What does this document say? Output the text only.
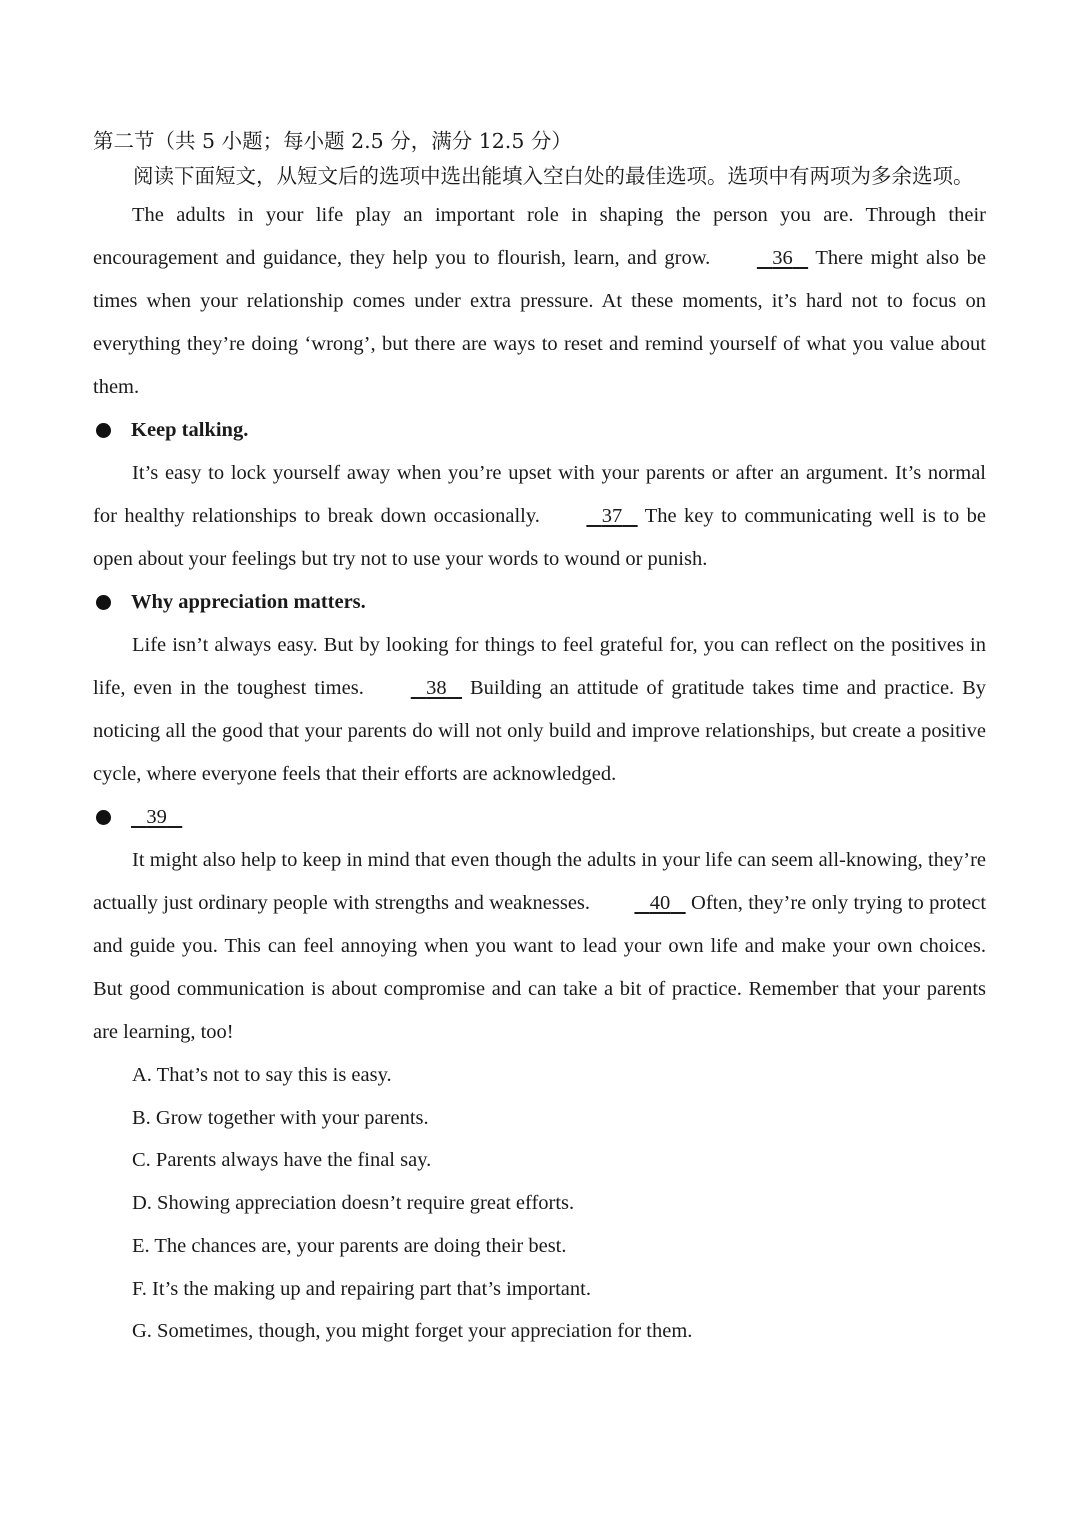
第二节（共 5 小题；每小题 2.5 分，满分 12.5 分）

阅读下面短文，从短文后的选项中选出能填入空白处的最佳选项。选项中有两项为多余选项。

The adults in your life play an important role in shaping the person you are. Through their encouragement and guidance, they help you to flourish, learn, and grow.	36 There might also be times when your relationship comes under extra pressure. At these moments, it’s hard not to focus on everything they’re doing ‘wrong’, but there are ways to reset and remind yourself of what you value about them.

Keep talking.

It’s easy to lock yourself away when you’re upset with your parents or after an argument. It’s normal for healthy relationships to break down occasionally.	37 The key to communicating well is to be open about your feelings but try not to use your words to wound or punish.

Why appreciation matters.

Life isn’t always easy. But by looking for things to feel grateful for, you can reflect on the positives in life, even in the toughest times.	38 Building an attitude of gratitude takes time and practice. By noticing all the good that your parents do will not only build and improve relationships, but create a positive cycle, where everyone feels that their efforts are acknowledged.

39

It might also help to keep in mind that even though the adults in your life can seem all-knowing, they’re actually just ordinary people with strengths and weaknesses.	40 Often, they’re only trying to protect and guide you. This can feel annoying when you want to lead your own life and make your own choices. But good communication is about compromise and can take a bit of practice. Remember that your parents are learning, too!

A. That’s not to say this is easy.

B. Grow together with your parents.

C. Parents always have the final say.

D. Showing appreciation doesn’t require great efforts.

E. The chances are, your parents are doing their best.

F. It’s the making up and repairing part that’s important.

G. Sometimes, though, you might forget your appreciation for them.
